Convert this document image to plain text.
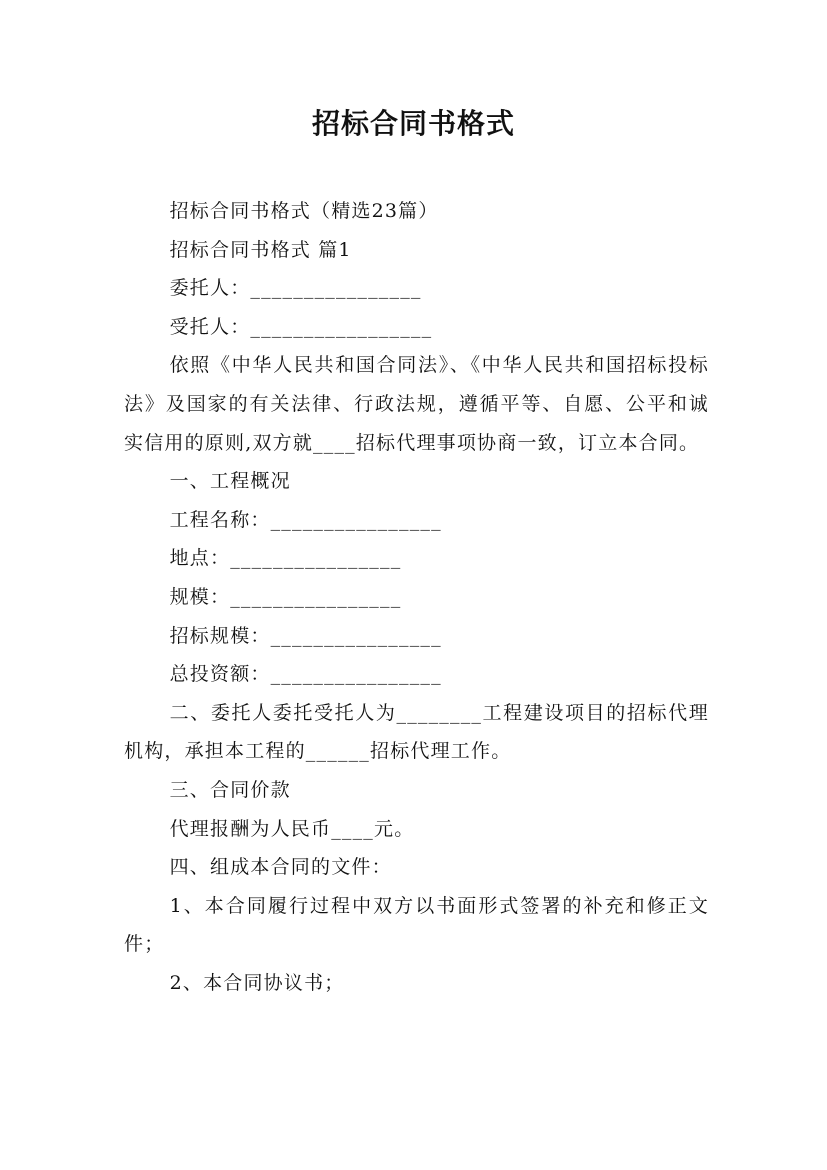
招标合同书格式

招标合同书格式（精选23篇）

招标合同书格式 篇1

委托人：________________

受托人：_________________

依照《中华人民共和国合同法》、《中华人民共和国招标投标法》及国家的有关法律、行政法规，遵循平等、自愿、公平和诚实信用的原则,双方就____招标代理事项协商一致，订立本合同。

一、工程概况

工程名称：________________

地点：________________

规模：________________

招标规模：________________

总投资额：________________

二、委托人委托受托人为________工程建设项目的招标代理机构，承担本工程的______招标代理工作。

三、合同价款

代理报酬为人民币____元。

四、组成本合同的文件：

1、本合同履行过程中双方以书面形式签署的补充和修正文件；

2、本合同协议书；
